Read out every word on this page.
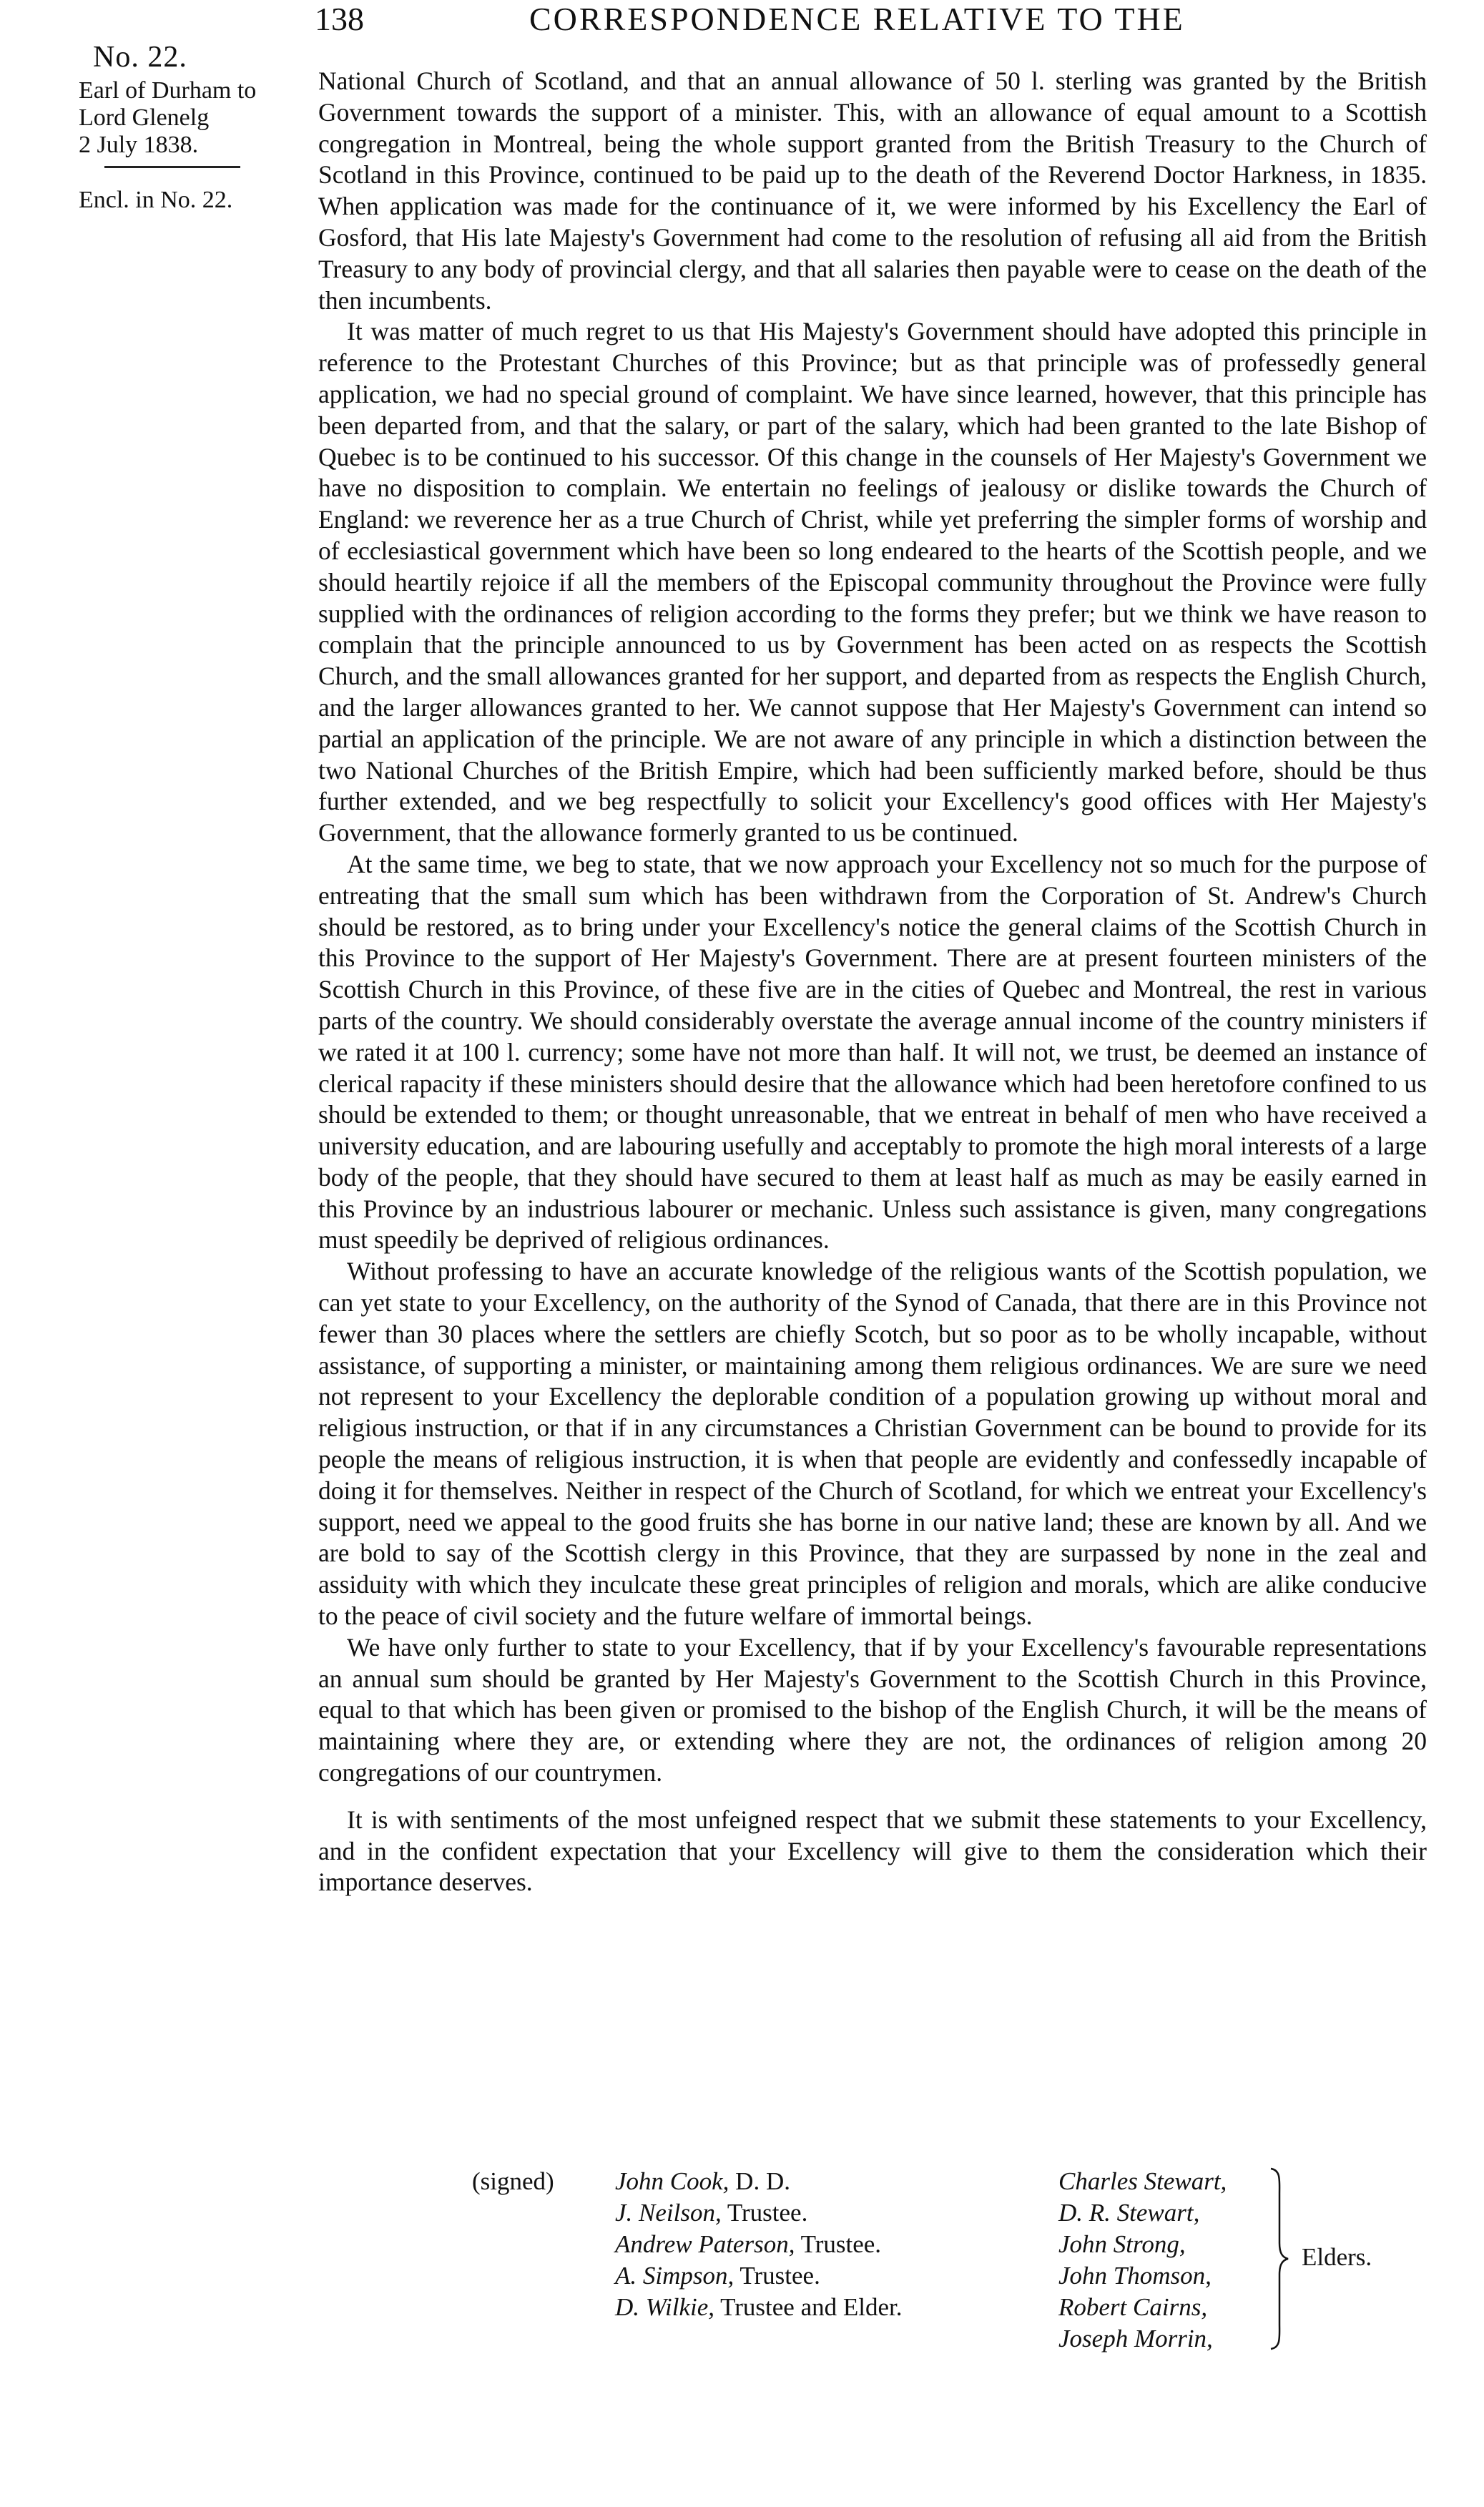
138	CORRESPONDENCE RELATIVE TO THE
No. 22.
Earl of Durham to
Lord Glenelg
2 July 1838.
Encl. in No. 22.

National Church of Scotland, and that an annual allowance of 50 l. sterling was granted by the British Government towards the support of a minister. This, with an allowance of equal amount to a Scottish congregation in Montreal, being the whole support granted from the British Treasury to the Church of Scotland in this Province, continued to be paid up to the death of the Reverend Doctor Harkness, in 1835. When application was made for the continuance of it, we were informed by his Excellency the Earl of Gosford, that His late Majesty's Government had come to the resolution of refusing all aid from the British Treasury to any body of provincial clergy, and that all salaries then payable were to cease on the death of the then incumbents.

It was matter of much regret to us that His Majesty's Government should have adopted this principle in reference to the Protestant Churches of this Province; but as that principle was of professedly general application, we had no special ground of complaint. We have since learned, however, that this principle has been departed from, and that the salary, or part of the salary, which had been granted to the late Bishop of Quebec is to be continued to his successor. Of this change in the counsels of Her Majesty's Government we have no disposition to complain. We entertain no feelings of jealousy or dislike towards the Church of England: we reverence her as a true Church of Christ, while yet preferring the simpler forms of worship and of ecclesiastical government which have been so long endeared to the hearts of the Scottish people, and we should heartily rejoice if all the members of the Episcopal community throughout the Province were fully supplied with the ordinances of religion according to the forms they prefer; but we think we have reason to complain that the principle announced to us by Government has been acted on as respects the Scottish Church, and the small allowances granted for her support, and departed from as respects the English Church, and the larger allowances granted to her. We cannot suppose that Her Majesty's Government can intend so partial an application of the principle. We are not aware of any principle in which a distinction between the two National Churches of the British Empire, which had been sufficiently marked before, should be thus further extended, and we beg respectfully to solicit your Excellency's good offices with Her Majesty's Government, that the allowance formerly granted to us be continued.

At the same time, we beg to state, that we now approach your Excellency not so much for the purpose of entreating that the small sum which has been withdrawn from the Corporation of St. Andrew's Church should be restored, as to bring under your Excellency's notice the general claims of the Scottish Church in this Province to the support of Her Majesty's Government. There are at present fourteen ministers of the Scottish Church in this Province, of these five are in the cities of Quebec and Montreal, the rest in various parts of the country. We should considerably overstate the average annual income of the country ministers if we rated it at 100 l. currency; some have not more than half. It will not, we trust, be deemed an instance of clerical rapacity if these ministers should desire that the allowance which had been heretofore confined to us should be extended to them; or thought unreasonable, that we entreat in behalf of men who have received a university education, and are labouring usefully and acceptably to promote the high moral interests of a large body of the people, that they should have secured to them at least half as much as may be easily earned in this Province by an industrious labourer or mechanic. Unless such assistance is given, many congregations must speedily be deprived of religious ordinances.

Without professing to have an accurate knowledge of the religious wants of the Scottish population, we can yet state to your Excellency, on the authority of the Synod of Canada, that there are in this Province not fewer than 30 places where the settlers are chiefly Scotch, but so poor as to be wholly incapable, without assistance, of supporting a minister, or maintaining among them religious ordinances. We are sure we need not represent to your Excellency the deplorable condition of a population growing up without moral and religious instruction, or that if in any circumstances a Christian Government can be bound to provide for its people the means of religious instruction, it is when that people are evidently and confessedly incapable of doing it for themselves. Neither in respect of the Church of Scotland, for which we entreat your Excellency's support, need we appeal to the good fruits she has borne in our native land; these are known by all. And we are bold to say of the Scottish clergy in this Province, that they are surpassed by none in the zeal and assiduity with which they inculcate these great principles of religion and morals, which are alike conducive to the peace of civil society and the future welfare of immortal beings.

We have only further to state to your Excellency, that if by your Excellency's favourable representations an annual sum should be granted by Her Majesty's Government to the Scottish Church in this Province, equal to that which has been given or promised to the bishop of the English Church, it will be the means of maintaining where they are, or extending where they are not, the ordinances of religion among 20 congregations of our countrymen.

It is with sentiments of the most unfeigned respect that we submit these statements to your Excellency, and in the confident expectation that your Excellency will give to them the consideration which their importance deserves.

(signed) John Cook, D. D.
J. Neilson, Trustee.
Andrew Paterson, Trustee.
A. Simpson, Trustee.
D. Wilkie, Trustee and Elder.
Charles Stewart,
D. R. Stewart,
John Strong,
John Thomson,
Robert Cairns,
Joseph Morrin,
Elders.
